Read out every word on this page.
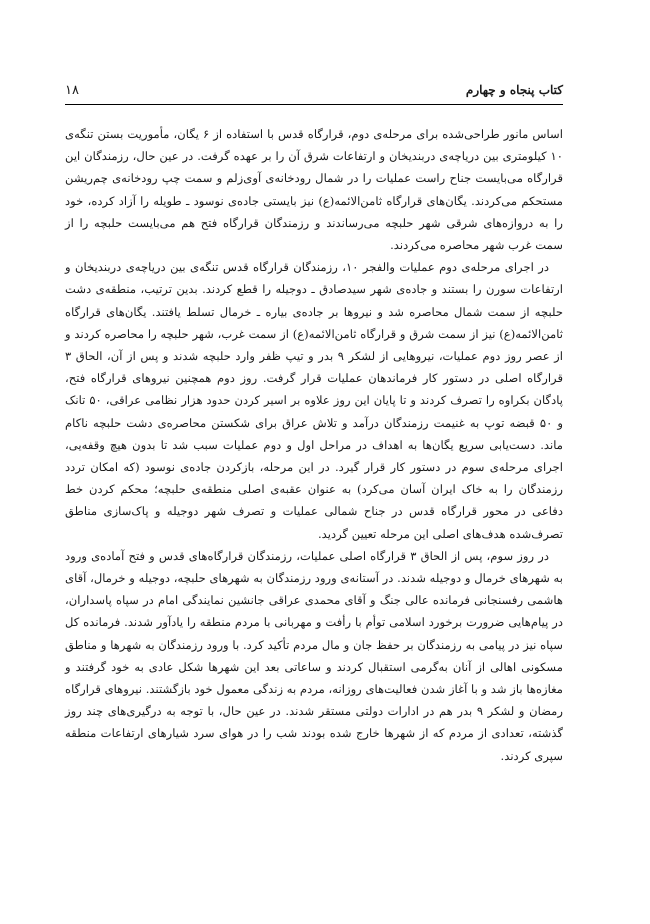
کتاب پنجاه و چهارم
۱۸

اساس مانور طراحی‌شده برای مرحله‌ی دوم، قرارگاه قدس با استفاده از ۶ یگان، مأموریت بستن تنگه‌ی ۱۰ کیلومتری بین دریاچه‌ی دربندیخان و ارتفاعات شرق آن را بر عهده گرفت. در عین حال، رزمندگان این قرارگاه می‌بایست جناح راست عملیات را در شمال رودخانه‌ی آوی‌زلم و سمت چپ رودخانه‌ی چم‌ریشن مستحکم می‌کردند. یگان‌های قرارگاه ثامن‌الائمه(ع) نیز بایستی جاده‌ی نوسود ـ طویله را آزاد کرده، خود را به دروازه‌های شرقی شهر حلبچه می‌رساندند و رزمندگان قرارگاه فتح هم می‌بایست حلبچه را از سمت غرب شهر محاصره می‌کردند.

در اجرای مرحله‌ی دوم عملیات والفجر ۱۰، رزمندگان قرارگاه قدس تنگه‌ی بین دریاچه‌ی دربندیخان و ارتفاعات سورن را بستند و جاده‌ی شهر سیدصادق ـ دوجیله را قطع کردند. بدین ترتیب، منطقه‌ی دشت حلبچه از سمت شمال محاصره شد و نیروها بر جاده‌ی بیاره ـ خرمال تسلط یافتند. یگان‌های قرارگاه ثامن‌الائمه(ع) نیز از سمت شرق و قرارگاه ثامن‌الائمه(ع) از سمت غرب، شهر حلبچه را محاصره کردند و از عصر روز دوم عملیات، نیروهایی از لشکر ۹ بدر و تیپ ظفر وارد حلبچه شدند و پس از آن، الحاق ۳ قرارگاه اصلی در دستور کار فرماندهان عملیات قرار گرفت. روز دوم همچنین نیروهای قرارگاه فتح، پادگان بکراوه را تصرف کردند و تا پایان این روز علاوه بر اسیر کردن حدود هزار نظامی عراقی، ۵۰ تانک و ۵۰ قبضه توپ به غنیمت رزمندگان درآمد و تلاش عراق برای شکستن محاصره‌ی دشت حلبچه ناکام ماند. دست‌یابی سریع یگان‌ها به اهداف در مراحل اول و دوم عملیات سبب شد تا بدون هیچ وقفه‌یی، اجرای مرحله‌ی سوم در دستور کار قرار گیرد. در این مرحله، بازکردن جاده‌ی نوسود (که امکان تردد رزمندگان را به خاک ایران آسان می‌کرد) به عنوان عقبه‌ی اصلی منطقه‌ی حلبچه؛ محکم کردن خط دفاعی در محور قرارگاه قدس در جناح شمالی عملیات و تصرف شهر دوجیله و پاک‌سازی مناطق تصرف‌شده هدف‌های اصلی این مرحله تعیین گردید.

در روز سوم، پس از الحاق ۳ قرارگاه اصلی عملیات، رزمندگان قرارگاه‌های قدس و فتح آماده‌ی ورود به شهرهای خرمال و دوجیله شدند. در آستانه‌ی ورود رزمندگان به شهرهای حلبچه، دوجیله و خرمال، آقای هاشمی رفسنجانی فرمانده عالی جنگ و آقای محمدی عراقی جانشین نمایندگی امام در سپاه پاسداران، در پیام‌هایی ضرورت برخورد اسلامی توأم با رأفت و مهربانی با مردم منطقه را یادآور شدند. فرمانده کل سپاه نیز در پیامی به رزمندگان بر حفظ جان و مال مردم تأکید کرد. با ورود رزمندگان به شهرها و مناطق مسکونی اهالی از آنان به‌گرمی استقبال کردند و ساعاتی بعد این شهرها شکل عادی به خود گرفتند و مغازه‌ها باز شد و با آغاز شدن فعالیت‌های روزانه، مردم به زندگی معمول خود بازگشتند. نیروهای قرارگاه رمضان و لشکر ۹ بدر هم در ادارات دولتی مستقر شدند. در عین حال، با توجه به درگیری‌های چند روز گذشته، تعدادی از مردم که از شهرها خارج شده بودند شب را در هوای سرد شیارهای ارتفاعات منطقه سپری کردند.
